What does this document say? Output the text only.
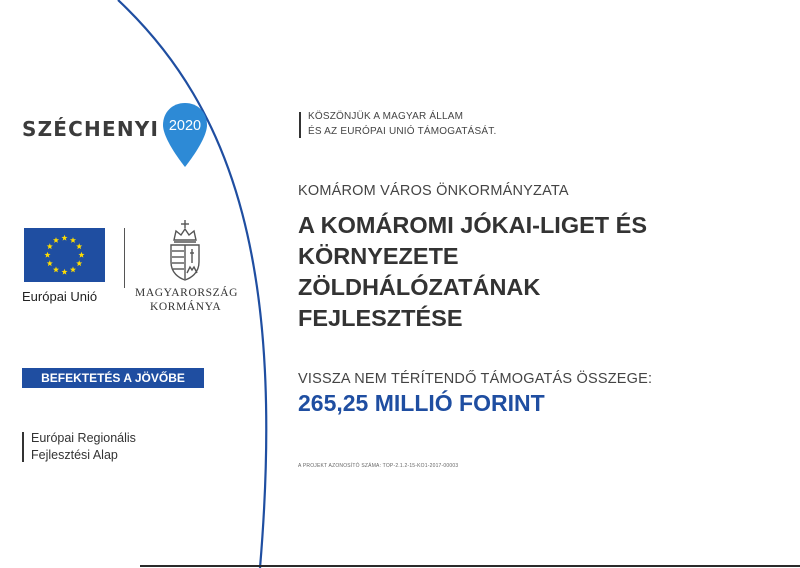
SZÉCHENYI 2020
Európai Unió	MAGYARORSZÁG
KORMÁNYA
BEFEKTETÉS A JÖVŐBE
Európai Regionális
Fejlesztési Alap
KÖSZÖNJÜK A MAGYAR ÁLLAM
ÉS AZ EURÓPAI UNIÓ TÁMOGATÁSÁT.
KOMÁROM VÁROS ÖNKORMÁNYZATA
A KOMÁROMI JÓKAI-LIGET ÉS
KÖRNYEZETE
ZÖLDHÁLÓZATÁNAK
FEJLESZTÉSE
VISSZA NEM TÉRÍTENDŐ TÁMOGATÁS ÖSSZEGE:
265,25 MILLIÓ FORINT
A PROJEKT AZONOSÍTÓ SZÁMA: TOP-2.1.2-15-KO1-2017-00003
